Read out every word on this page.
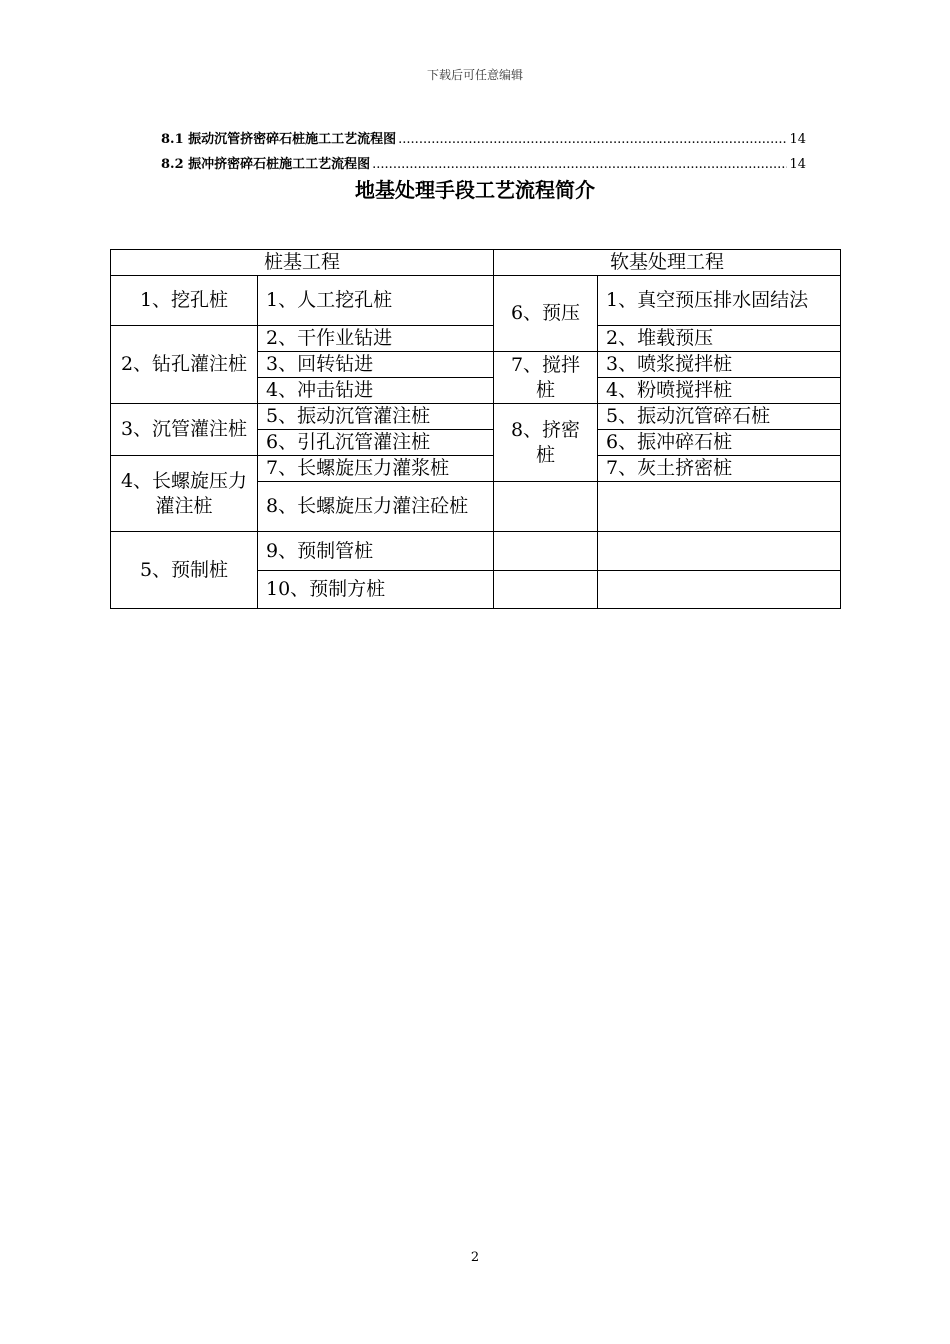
下载后可任意编辑
8.1 振动沉管挤密碎石桩施工工艺流程图 .....	14
8.2 振冲挤密碎石桩施工工艺流程图 .....	14
地基处理手段工艺流程简介
桩基工程		软基处理工程	
1、挖孔桩	1、人工挖孔桩	6、预压	1、真空预压排水固结法
2、钻孔灌注桩	2、干作业钻进		2、堆载预压
	3、回转钻进	7、搅拌桩	3、喷浆搅拌桩
	4、冲击钻进		4、粉喷搅拌桩
3、沉管灌注桩	5、振动沉管灌注桩	8、挤密桩	5、振动沉管碎石桩
	6、引孔沉管灌注桩		6、振冲碎石桩
4、长螺旋压力灌注桩	7、长螺旋压力灌浆桩		7、灰土挤密桩
	8、长螺旋压力灌注砼桩		
5、预制桩	9、预制管桩		
	10、预制方桩		
2
